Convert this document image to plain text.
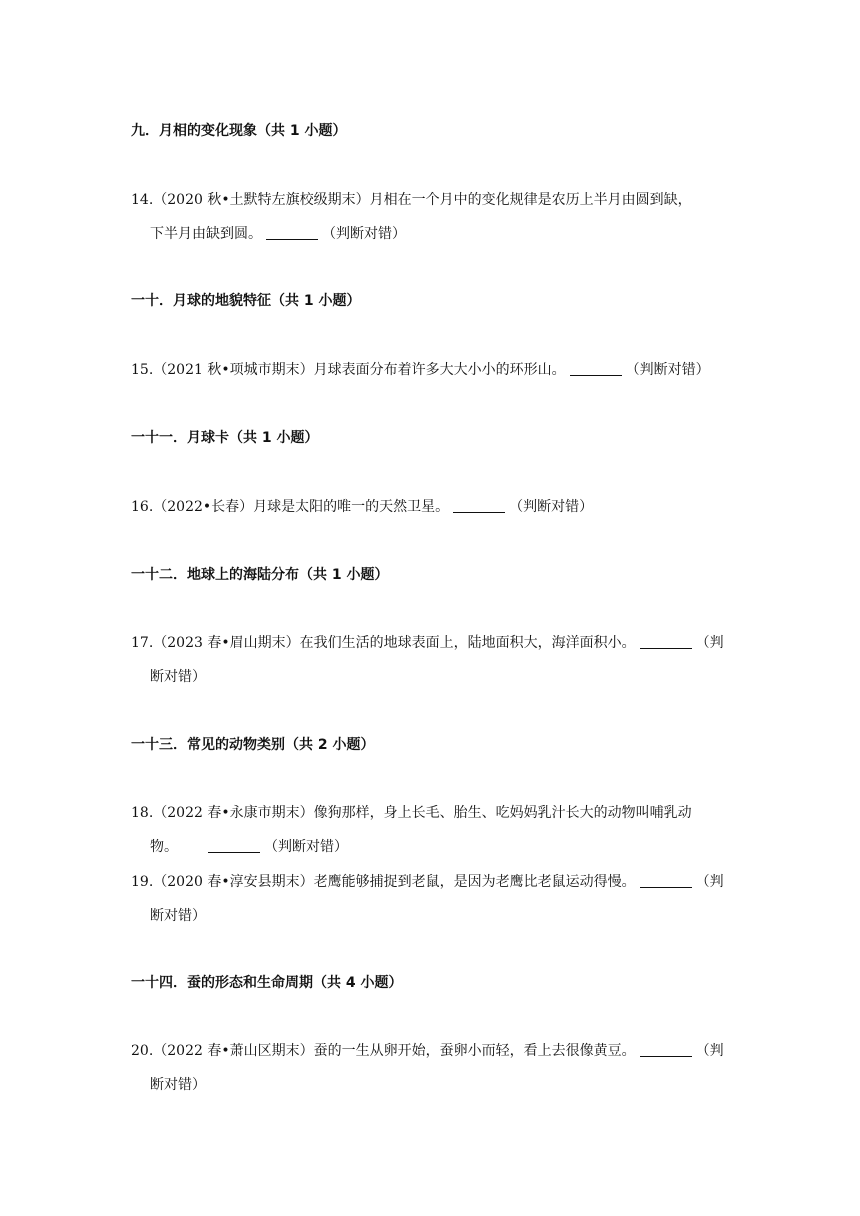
九．月相的变化现象（共 1 小题）
14.（2020 秋•土默特左旗校级期末）月相在一个月中的变化规律是农历上半月由圆到缺，
下半月由缺到圆。	（判断对错）
一十．月球的地貌特征（共 1 小题）
15.（2021 秋•项城市期末）月球表面分布着许多大大小小的环形山。	（判断对错）
一十一．月球卡（共 1 小题）
16.（2022•长春）月球是太阳的唯一的天然卫星。	（判断对错）
一十二．地球上的海陆分布（共 1 小题）
17.（2023 春•眉山期末）在我们生活的地球表面上，陆地面积大，海洋面积小。	（判
断对错）
一十三．常见的动物类别（共 2 小题）
18.（2022 春•永康市期末）像狗那样，身上长毛、胎生、吃妈妈乳汁长大的动物叫哺乳动
物。	（判断对错）
19.（2020 春•淳安县期末）老鹰能够捕捉到老鼠，是因为老鹰比老鼠运动得慢。	（判
断对错）
一十四．蚕的形态和生命周期（共 4 小题）
20.（2022 春•萧山区期末）蚕的一生从卵开始，蚕卵小而轻，看上去很像黄豆。	（判
断对错）
